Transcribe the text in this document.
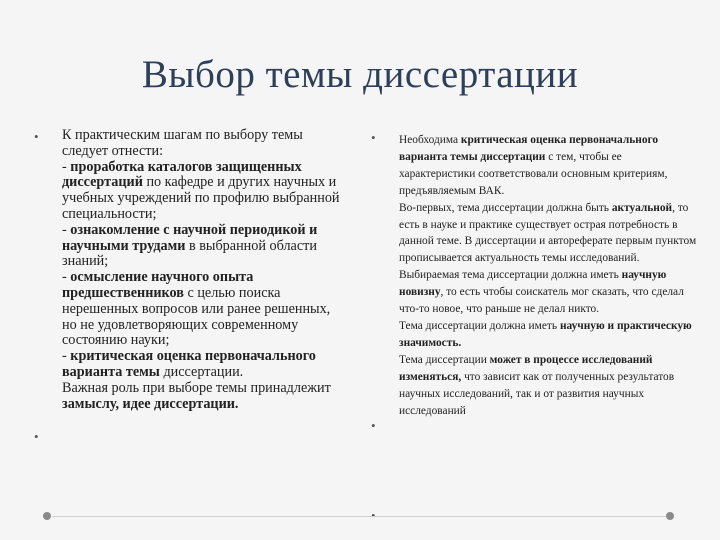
Выбор темы диссертации
•
•
К практическим шагам по выбору темы следует отнести:
- проработка каталогов защищенных диссертаций по кафедре и других научных и учебных учреждений по профилю выбранной специальности;
- ознакомление с научной периодикой и научными трудами в выбранной области знаний;
- осмысление научного опыта предшественников с целью поиска нерешенных вопросов или ранее решенных, но не удовлетворяющих современному состоянию науки;
- критическая оценка первоначального варианта темы диссертации.
Важная роль при выборе темы принадлежит замыслу, идее диссертации.
•
•
Необходима критическая оценка первоначального варианта темы диссертации с тем, чтобы ее характеристики соответствовали основным критериям, предъявляемым ВАК.
Во-первых, тема диссертации должна быть актуальной, то есть в науке и практике существует острая потребность в данной теме. В диссертации и автореферате первым пунктом прописывается актуальность темы исследований.
Выбираемая тема диссертации должна иметь научную новизну, то есть чтобы соискатель мог сказать, что сделал что-то новое, что раньше не делал никто.
Тема диссертации должна иметь научную и практическую значимость.
Тема диссертации может в процессе исследований изменяться, что зависит как от полученных результатов научных исследований, так и от развития научных исследований
